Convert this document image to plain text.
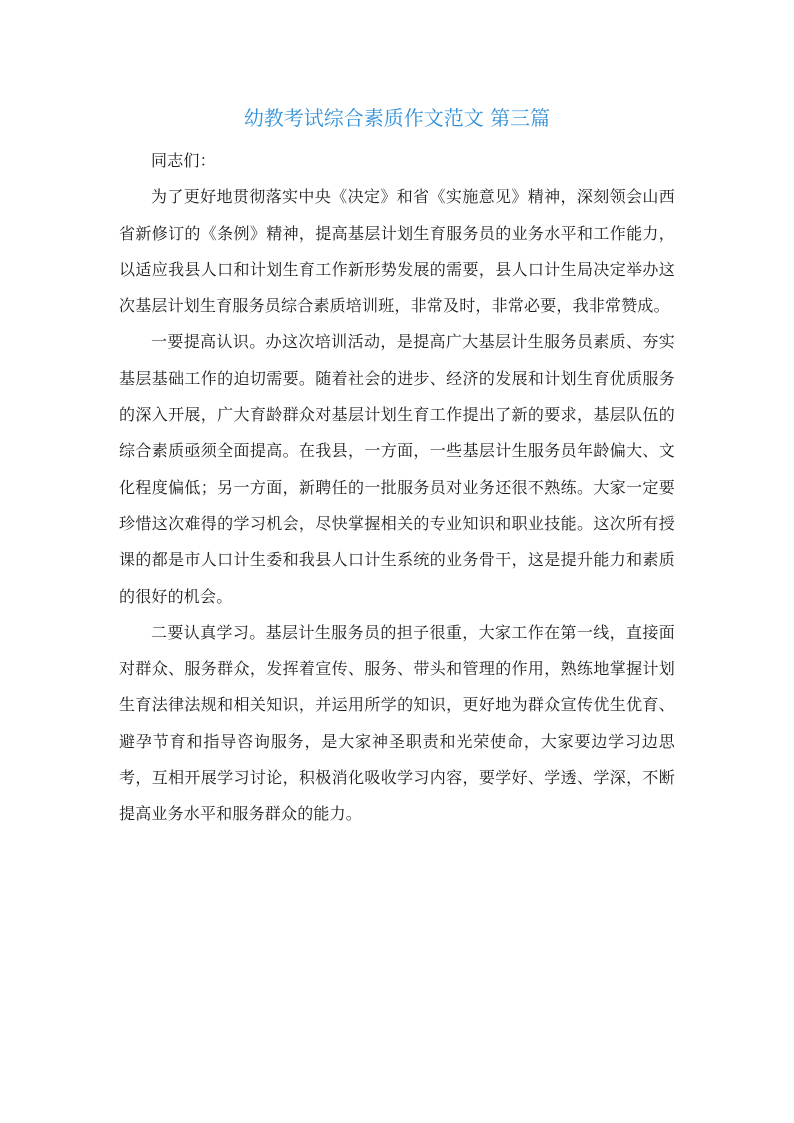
幼教考试综合素质作文范文 第三篇

同志们：

为了更好地贯彻落实中央《决定》和省《实施意见》精神，深刻领会山西省新修订的《条例》精神，提高基层计划生育服务员的业务水平和工作能力，以适应我县人口和计划生育工作新形势发展的需要，县人口计生局决定举办这次基层计划生育服务员综合素质培训班，非常及时，非常必要，我非常赞成。

一要提高认识。办这次培训活动，是提高广大基层计生服务员素质、夯实基层基础工作的迫切需要。随着社会的进步、经济的发展和计划生育优质服务的深入开展，广大育龄群众对基层计划生育工作提出了新的要求，基层队伍的综合素质亟须全面提高。在我县，一方面，一些基层计生服务员年龄偏大、文化程度偏低；另一方面，新聘任的一批服务员对业务还很不熟练。大家一定要珍惜这次难得的学习机会，尽快掌握相关的专业知识和职业技能。这次所有授课的都是市人口计生委和我县人口计生系统的业务骨干，这是提升能力和素质的很好的机会。

二要认真学习。基层计生服务员的担子很重，大家工作在第一线，直接面对群众、服务群众，发挥着宣传、服务、带头和管理的作用，熟练地掌握计划生育法律法规和相关知识，并运用所学的知识，更好地为群众宣传优生优育、避孕节育和指导咨询服务，是大家神圣职责和光荣使命，大家要边学习边思考，互相开展学习讨论，积极消化吸收学习内容，要学好、学透、学深，不断提高业务水平和服务群众的能力。
